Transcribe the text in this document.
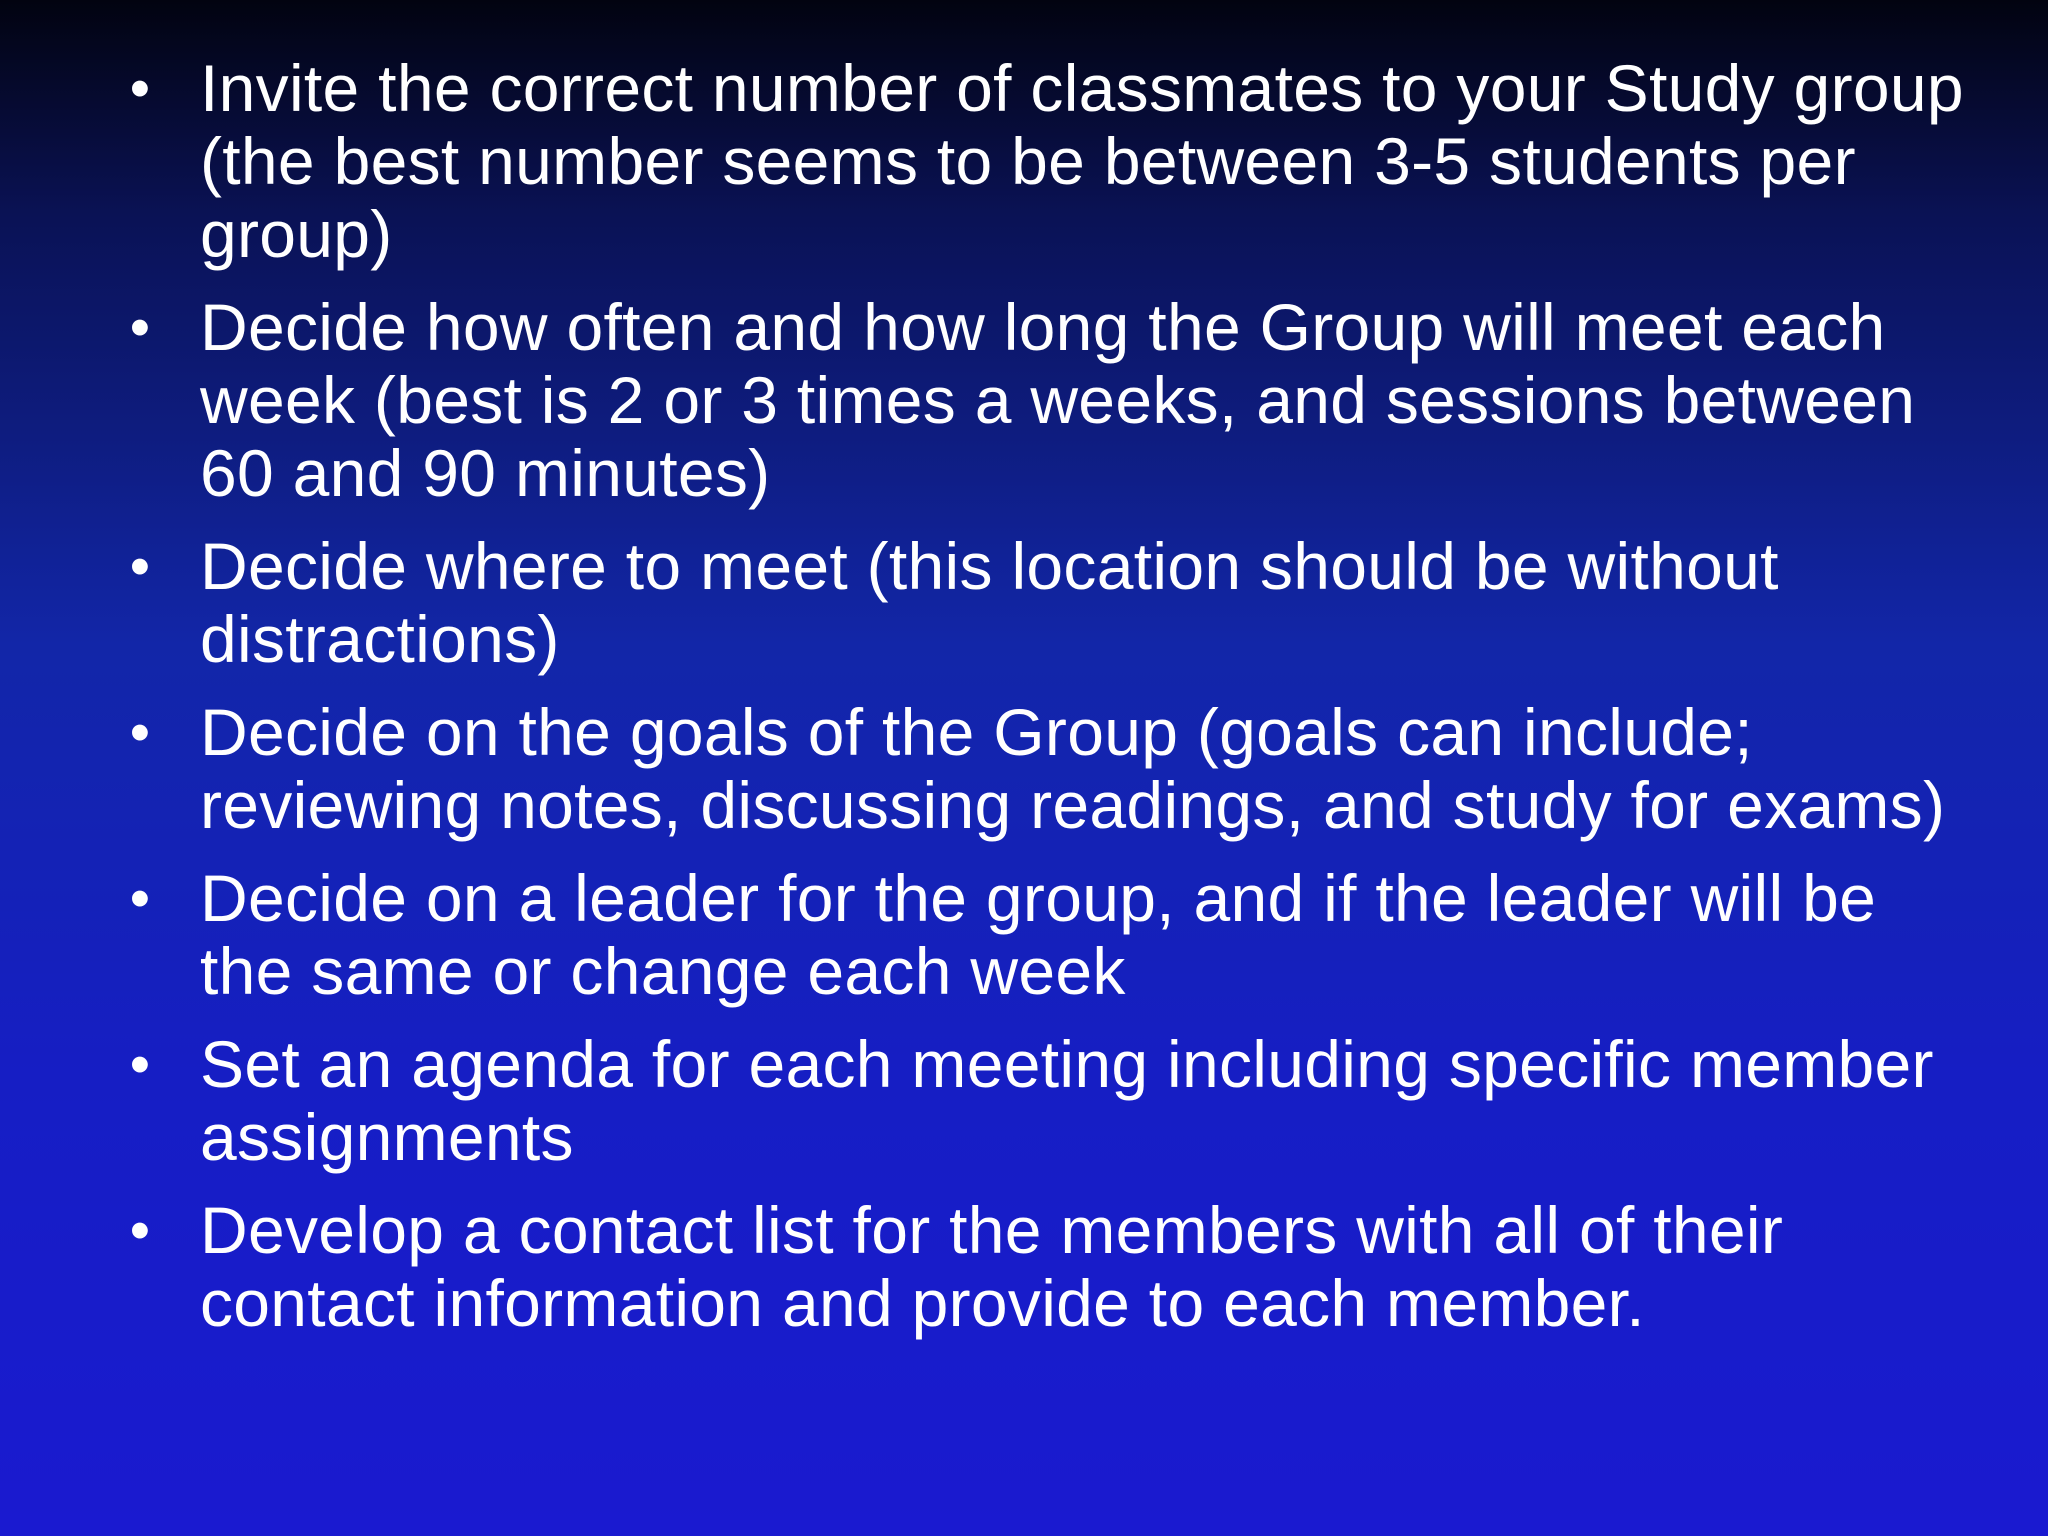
• Invite the correct number of classmates to your Study group (the best number seems to be between 3-5 students per group)
• Decide how often and how long the Group will meet each week (best is 2 or 3 times a weeks, and sessions between 60 and 90 minutes)
• Decide where to meet (this location should be without distractions)
• Decide on the goals of the Group (goals can include; reviewing notes, discussing readings, and study for exams)
• Decide on a leader for the group, and if the leader will be the same or change each week
• Set an agenda for each meeting including specific member assignments
• Develop a contact list for the members with all of their contact information and provide to each member.
